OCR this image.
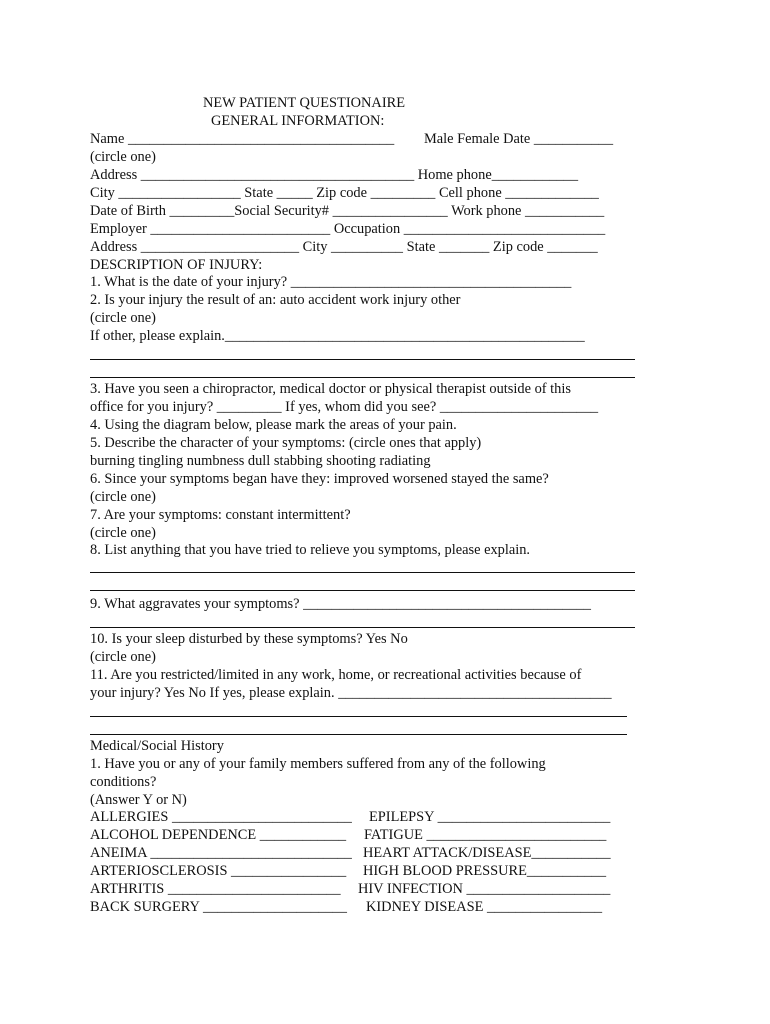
NEW PATIENT QUESTIONAIRE
GENERAL INFORMATION:
Name _____________________________________ Male Female Date ___________
(circle one)
Address ______________________________________ Home phone____________
City _________________ State _____ Zip code _________ Cell phone _____________
Date of Birth _________Social Security# ________________ Work phone ___________
Employer _________________________ Occupation ____________________________
Address ______________________ City __________ State _______ Zip code _______
DESCRIPTION OF INJURY:
1. What is the date of your injury? _______________________________________
2. Is your injury the result of an: auto accident work injury other
(circle one)
If other, please explain.__________________________________________________
3. Have you seen a chiropractor, medical doctor or physical therapist outside of this
office for you injury? _________ If yes, whom did you see? ______________________
4. Using the diagram below, please mark the areas of your pain.
5. Describe the character of your symptoms: (circle ones that apply)
burning tingling numbness dull stabbing shooting radiating
6. Since your symptoms began have they: improved worsened stayed the same?
(circle one)
7. Are your symptoms: constant intermittent?
(circle one)
8. List anything that you have tried to relieve you symptoms, please explain.
9. What aggravates your symptoms? ________________________________________
10. Is your sleep disturbed by these symptoms? Yes No
(circle one)
11. Are you restricted/limited in any work, home, or recreational activities because of
your injury? Yes No If yes, please explain. ______________________________________
Medical/Social History
1. Have you or any of your family members suffered from any of the following
conditions?
(Answer Y or N)
ALLERGIES _________________________ EPILEPSY ________________________
ALCOHOL DEPENDENCE ____________ FATIGUE _________________________
ANEIMA ____________________________ HEART ATTACK/DISEASE___________
ARTERIOSCLEROSIS ________________ HIGH BLOOD PRESSURE___________
ARTHRITIS ________________________ HIV INFECTION ____________________
BACK SURGERY ____________________ KIDNEY DISEASE ________________
